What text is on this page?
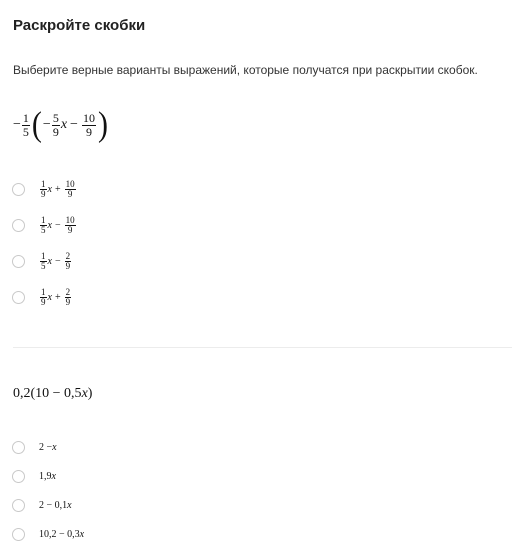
Раскройте скобки
Выберите верные варианты выражений, которые получатся при раскрытии скобок.
− $\frac{1}{5}$ ( − $\frac{5}{9}$ $x - \frac{10}{9}$ )
$\frac{1}{9}$ $x + \frac{10}{9}$
$\frac{1}{5}$ $x - \frac{10}{9}$
$\frac{1}{5}$ $x - \frac{2}{9}$
$\frac{1}{9}$ $x + \frac{2}{9}$
0,2(10 − 0,5x)
2 − x
1,9 x
2 − 0,1 x
10,2 − 0,3 x
